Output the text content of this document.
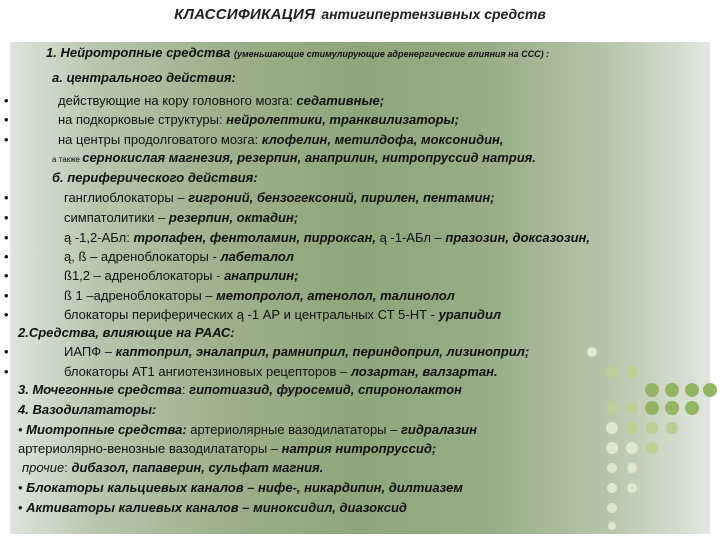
КЛАССИФИКАЦИЯ антигипертензивных средств
1. Нейротропные средства (уменьшающие стимулирующие адренергические влияния на ССС) :
а. центрального действия:
действующие на кору головного мозга: седативные;
•
на подкорковые структуры: нейролептики, транквилизаторы;
•
на центры продолговатого мозга: клофелин, метилдофа, моксонидин,
•
а также сернокислая магнезия, резерпин, анаприлин, нитропруссид натрия.
б. периферического действия:
ганглиоблокаторы – гигроний, бензогексоний, пирилен, пентамин;
•
симпатолитики – резерпин, октадин;
•
ą -1,2-АБл: тропафен, фентоламин, пирроксан, ą -1-АБл – празозин, доксазозин,
•
ą, ß – адреноблокаторы - лабеталол
•
ß1,2 – адреноблокаторы - анаприлин;
•
ß 1 –адреноблокаторы – метопролол, атенолол, талинолол
•
блокаторы периферических ą -1 АР и центральных СТ 5-НТ - урапидил
•
2.Средства, влияющие на РААС:
ИАПФ – каптоприл, эналаприл, рамниприл, периндоприл, лизиноприл;
•
блокаторы АТ1 ангиотензиновых рецепторов – лозартан, валзартан.
•
3. Мочегонные средства: гипотиазид, фуросемид, спиронолактон
4. Вазодилататоры:
• Миотропные средства: артериолярные вазодилататоры – гидралазин
артериолярно-венозные вазодилататоры – натрия нитропруссид;
прочие: дибазол, папаверин, сульфат магния.
• Блокаторы кальциевых каналов – нифе-, никардипин, дилтиазем
• Активаторы калиевых каналов – миноксидил, диазоксид
